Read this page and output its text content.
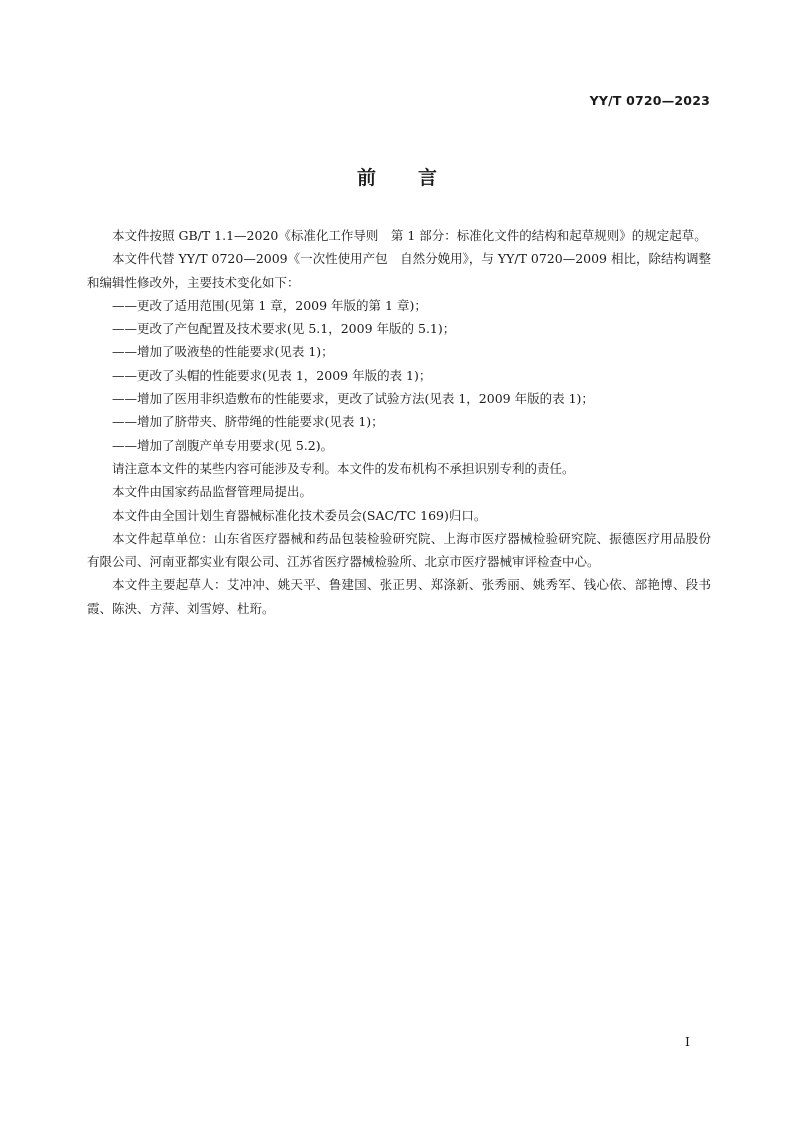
YY/T 0720—2023
前 言

本文件按照 GB/T 1.1—2020《标准化工作导则　第 1 部分：标准化文件的结构和起草规则》的规定起草。

本文件代替 YY/T 0720—2009《一次性使用产包　自然分娩用》，与 YY/T 0720—2009 相比，除结构调整和编辑性修改外，主要技术变化如下：

——更改了适用范围(见第 1 章，2009 年版的第 1 章)；

——更改了产包配置及技术要求(见 5.1，2009 年版的 5.1)；

——增加了吸液垫的性能要求(见表 1)；

——更改了头帽的性能要求(见表 1，2009 年版的表 1)；

——增加了医用非织造敷布的性能要求，更改了试验方法(见表 1，2009 年版的表 1)；

——增加了脐带夹、脐带绳的性能要求(见表 1)；

——增加了剖腹产单专用要求(见 5.2)。

请注意本文件的某些内容可能涉及专利。本文件的发布机构不承担识别专利的责任。

本文件由国家药品监督管理局提出。

本文件由全国计划生育器械标准化技术委员会(SAC/TC 169)归口。

本文件起草单位：山东省医疗器械和药品包装检验研究院、上海市医疗器械检验研究院、振德医疗用品股份有限公司、河南亚都实业有限公司、江苏省医疗器械检验所、北京市医疗器械审评检查中心。

本文件主要起草人：艾冲冲、姚天平、鲁建国、张正男、郑涤新、张秀丽、姚秀军、钱心依、部艳博、段书霞、陈泱、方萍、刘雪婷、杜珩。

I
